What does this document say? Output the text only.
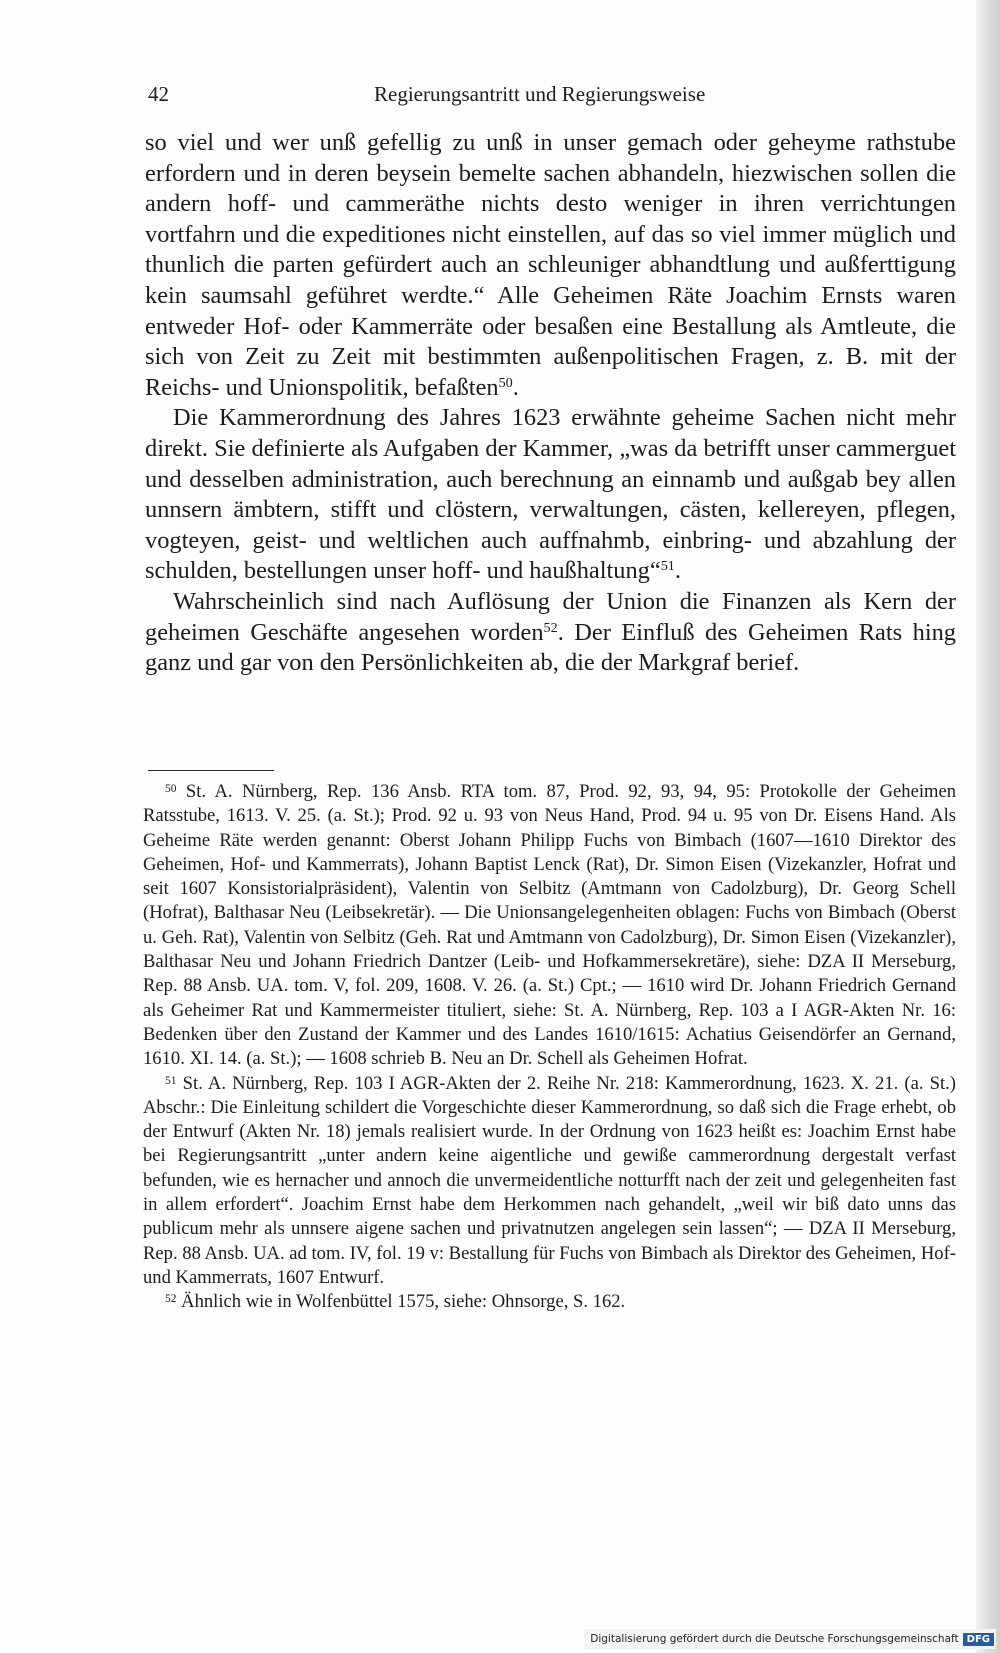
42	Regierungsantritt und Regierungsweise

so viel und wer unß gefellig zu unß in unser gemach oder geheyme rathstube erfordern und in deren beysein bemelte sachen abhandeln, hiezwischen sollen die andern hoff- und cammeräthe nichts desto weniger in ihren verrichtungen vortfahrn und die expeditiones nicht einstellen, auf das so viel immer müglich und thunlich die parten gefürdert auch an schleuniger abhandtlung und außferttigung kein saumsahl geführet werdte.“ Alle Geheimen Räte Joachim Ernsts waren entweder Hof- oder Kammerräte oder besaßen eine Bestallung als Amtleute, die sich von Zeit zu Zeit mit bestimmten außenpolitischen Fragen, z. B. mit der Reichs- und Unionspolitik, befaßten$^{50}$.

Die Kammerordnung des Jahres 1623 erwähnte geheime Sachen nicht mehr direkt. Sie definierte als Aufgaben der Kammer, „was da betrifft unser cammerguet und desselben administration, auch berechnung an einnamb und außgab bey allen unnsern ämbtern, stifft und clöstern, verwaltungen, cästen, kellereyen, pflegen, vogteyen, geist- und weltlichen auch auffnahmb, einbring- und abzahlung der schulden, bestellungen unser hoff- und haußhaltung“$^{51}$.

Wahrscheinlich sind nach Auflösung der Union die Finanzen als Kern der geheimen Geschäfte angesehen worden$^{52}$. Der Einfluß des Geheimen Rats hing ganz und gar von den Persönlichkeiten ab, die der Markgraf berief.

$^{50}$ St. A. Nürnberg, Rep. 136 Ansb. RTA tom. 87, Prod. 92, 93, 94, 95: Protokolle der Geheimen Ratsstube, 1613. V. 25. (a. St.); Prod. 92 u. 93 von Neus Hand, Prod. 94 u. 95 von Dr. Eisens Hand. Als Geheime Räte werden genannt: Oberst Johann Philipp Fuchs von Bimbach (1607—1610 Direktor des Geheimen, Hof- und Kammerrats), Johann Baptist Lenck (Rat), Dr. Simon Eisen (Vizekanzler, Hofrat und seit 1607 Konsistorialpräsident), Valentin von Selbitz (Amtmann von Cadolzburg), Dr. Georg Schell (Hofrat), Balthasar Neu (Leibsekretär). — Die Unionsangelegenheiten oblagen: Fuchs von Bimbach (Oberst u. Geh. Rat), Valentin von Selbitz (Geh. Rat und Amtmann von Cadolzburg), Dr. Simon Eisen (Vizekanzler), Balthasar Neu und Johann Friedrich Dantzer (Leib- und Hofkammersekretäre), siehe: DZA II Merseburg, Rep. 88 Ansb. UA. tom. V, fol. 209, 1608. V. 26. (a. St.) Cpt.; — 1610 wird Dr. Johann Friedrich Gernand als Geheimer Rat und Kammermeister tituliert, siehe: St. A. Nürnberg, Rep. 103 a I AGR-Akten Nr. 16: Bedenken über den Zustand der Kammer und des Landes 1610/1615: Achatius Geisendörfer an Gernand, 1610. XI. 14. (a. St.); — 1608 schrieb B. Neu an Dr. Schell als Geheimen Hofrat.

$^{51}$ St. A. Nürnberg, Rep. 103 I AGR-Akten der 2. Reihe Nr. 218: Kammerordnung, 1623. X. 21. (a. St.) Abschr.: Die Einleitung schildert die Vorgeschichte dieser Kammerordnung, so daß sich die Frage erhebt, ob der Entwurf (Akten Nr. 18) jemals realisiert wurde. In der Ordnung von 1623 heißt es: Joachim Ernst habe bei Regierungsantritt „unter andern keine aigentliche und gewiße cammerordnung dergestalt verfast befunden, wie es hernacher und annoch die unvermeidentliche notturfft nach der zeit und gelegenheiten fast in allem erfordert“. Joachim Ernst habe dem Herkommen nach gehandelt, „weil wir biß dato unns das publicum mehr als unnsere aigene sachen und privatnutzen angelegen sein lassen“; — DZA II Merseburg, Rep. 88 Ansb. UA. ad tom. IV, fol. 19 v: Bestallung für Fuchs von Bimbach als Direktor des Geheimen, Hof- und Kammerrats, 1607 Entwurf.

$^{52}$ Ähnlich wie in Wolfenbüttel 1575, siehe: Ohnsorge, S. 162.

Digitalisierung gefördert durch die Deutsche Forschungsgemeinschaft DFG
